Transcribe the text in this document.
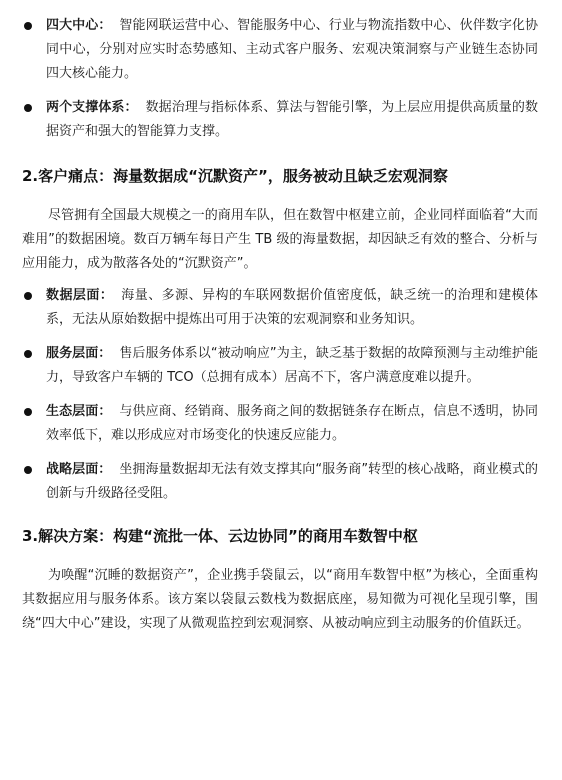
四大中心： 智能网联运营中心、智能服务中心、行业与物流指数中心、伙伴数字化协同中心，分别对应实时态势感知、主动式客户服务、宏观决策洞察与产业链生态协同四大核心能力。

两个支撑体系： 数据治理与指标体系、算法与智能引擎，为上层应用提供高质量的数据资产和强大的智能算力支撑。

2.客户痛点：海量数据成“沉默资产”，服务被动且缺乏宏观洞察

尽管拥有全国最大规模之一的商用车队，但在数智中枢建立前，企业同样面临着“大而难用”的数据困境。数百万辆车每日产生 TB 级的海量数据，却因缺乏有效的整合、分析与应用能力，成为散落各处的“沉默资产”。

数据层面： 海量、多源、异构的车联网数据价值密度低，缺乏统一的治理和建模体系，无法从原始数据中提炼出可用于决策的宏观洞察和业务知识。

服务层面： 售后服务体系以“被动响应”为主，缺乏基于数据的故障预测与主动维护能力，导致客户车辆的 TCO（总拥有成本）居高不下，客户满意度难以提升。

生态层面： 与供应商、经销商、服务商之间的数据链条存在断点，信息不透明，协同效率低下，难以形成应对市场变化的快速反应能力。

战略层面： 坐拥海量数据却无法有效支撑其向“服务商”转型的核心战略，商业模式的创新与升级路径受阻。

3.解决方案：构建“流批一体、云边协同”的商用车数智中枢

为唤醒“沉睡的数据资产”，企业携手袋鼠云，以“商用车数智中枢”为核心，全面重构其数据应用与服务体系。该方案以袋鼠云数栈为数据底座，易知微为可视化呈现引擎，围绕“四大中心”建设，实现了从微观监控到宏观洞察、从被动响应到主动服务的价值跃迁。
